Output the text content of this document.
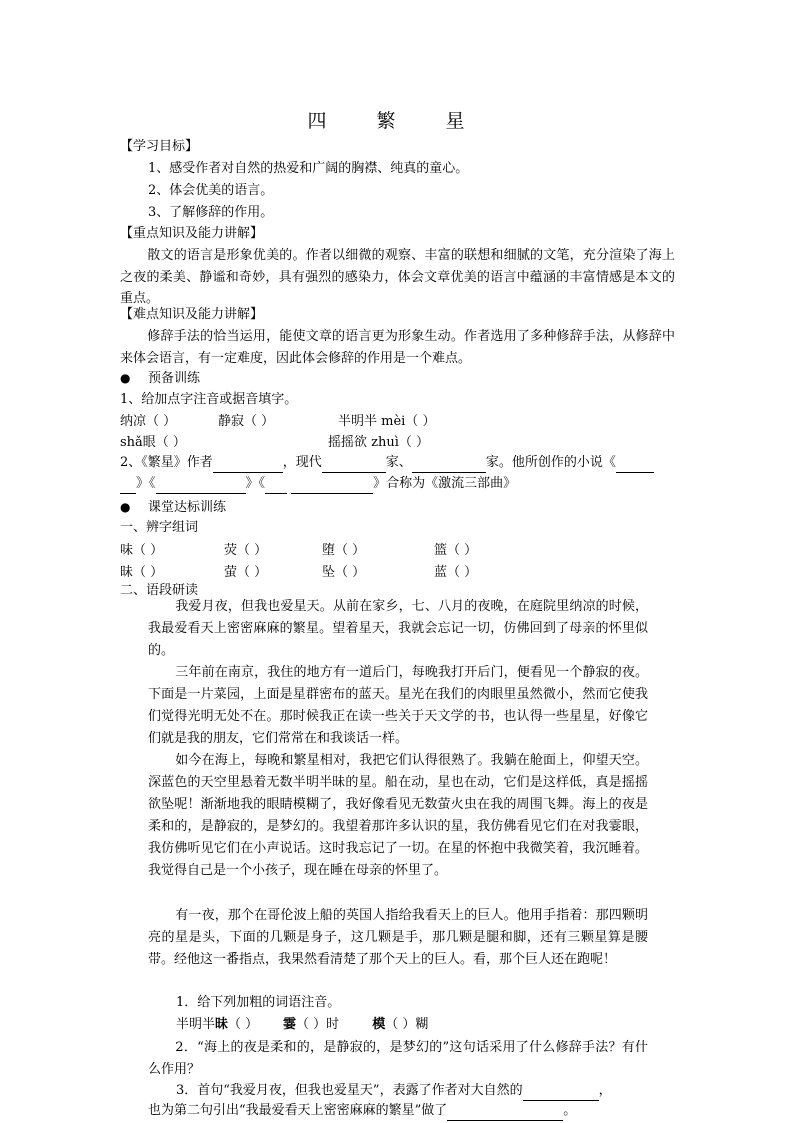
四 繁 星
【学习目标】
1、感受作者对自然的热爱和广阔的胸襟、纯真的童心。
2、体会优美的语言。
3、了解修辞的作用。
【重点知识及能力讲解】
散文的语言是形象优美的。作者以细微的观察、丰富的联想和细腻的文笔，充分渲染了海上之夜的柔美、静谧和奇妙，具有强烈的感染力，体会文章优美的语言中蕴涵的丰富情感是本文的重点。
【难点知识及能力讲解】
修辞手法的恰当运用，能使文章的语言更为形象生动。作者选用了多种修辞手法，从修辞中来体会语言，有一定难度，因此体会修辞的作用是一个难点。
● 预备训练
1、给加点字注音或据音填字。
纳凉（ ）	静寂（ ）	半明半 mèi（ ）
shǎ眼（ ）	摇摇欲 zhuì（ ）
2、《繁星》作者	，现代	家、	家。他所创作的小说《
》《	》《	》合称为《激流三部曲》
● 课堂达标训练
一、辨字组词
味（ ）	荧（ ）	堕（ ）	篮（ ）
昧（ ）	萤（ ）	坠（ ）	蓝（ ）
二、语段研读
我爱月夜，但我也爱星天。从前在家乡，七、八月的夜晚，在庭院里纳凉的时候，我最爱看天上密密麻麻的繁星。望着星天，我就会忘记一切，仿佛回到了母亲的怀里似的。
三年前在南京，我住的地方有一道后门，每晚我打开后门，便看见一个静寂的夜。下面是一片菜园，上面是星群密布的蓝天。星光在我们的肉眼里虽然微小，然而它使我们觉得光明无处不在。那时候我正在读一些关于天文学的书，也认得一些星星，好像它们就是我的朋友，它们常常在和我谈话一样。
如今在海上，每晚和繁星相对，我把它们认得很熟了。我躺在舱面上，仰望天空。深蓝色的天空里悬着无数半明半昧的星。船在动，星也在动，它们是这样低，真是摇摇欲坠呢！渐渐地我的眼睛模糊了，我好像看见无数萤火虫在我的周围飞舞。海上的夜是柔和的，是静寂的，是梦幻的。我望着那许多认识的星，我仿佛看见它们在对我霎眼，我仿佛听见它们在小声说话。这时我忘记了一切。在星的怀抱中我微笑着，我沉睡着。我觉得自己是一个小孩子，现在睡在母亲的怀里了。
有一夜，那个在哥伦波上船的英国人指给我看天上的巨人。他用手指着：那四颗明亮的星是头，下面的几颗是身子，这几颗是手，那几颗是腿和脚，还有三颗星算是腰带。经他这一番指点，我果然看清楚了那个天上的巨人。看，那个巨人还在跑呢！
1．给下列加粗的词语注音。
半明半昧（ ） 霎（ ）时	模（ ）糊
2．“海上的夜是柔和的，是静寂的，是梦幻的”这句话采用了什么修辞手法？有什么作用？
3．首句“我爱月夜，但我也爱星天”，表露了作者对大自然的	，
也为第二句引出“我最爱看天上密密麻麻的繁星”做了	。
